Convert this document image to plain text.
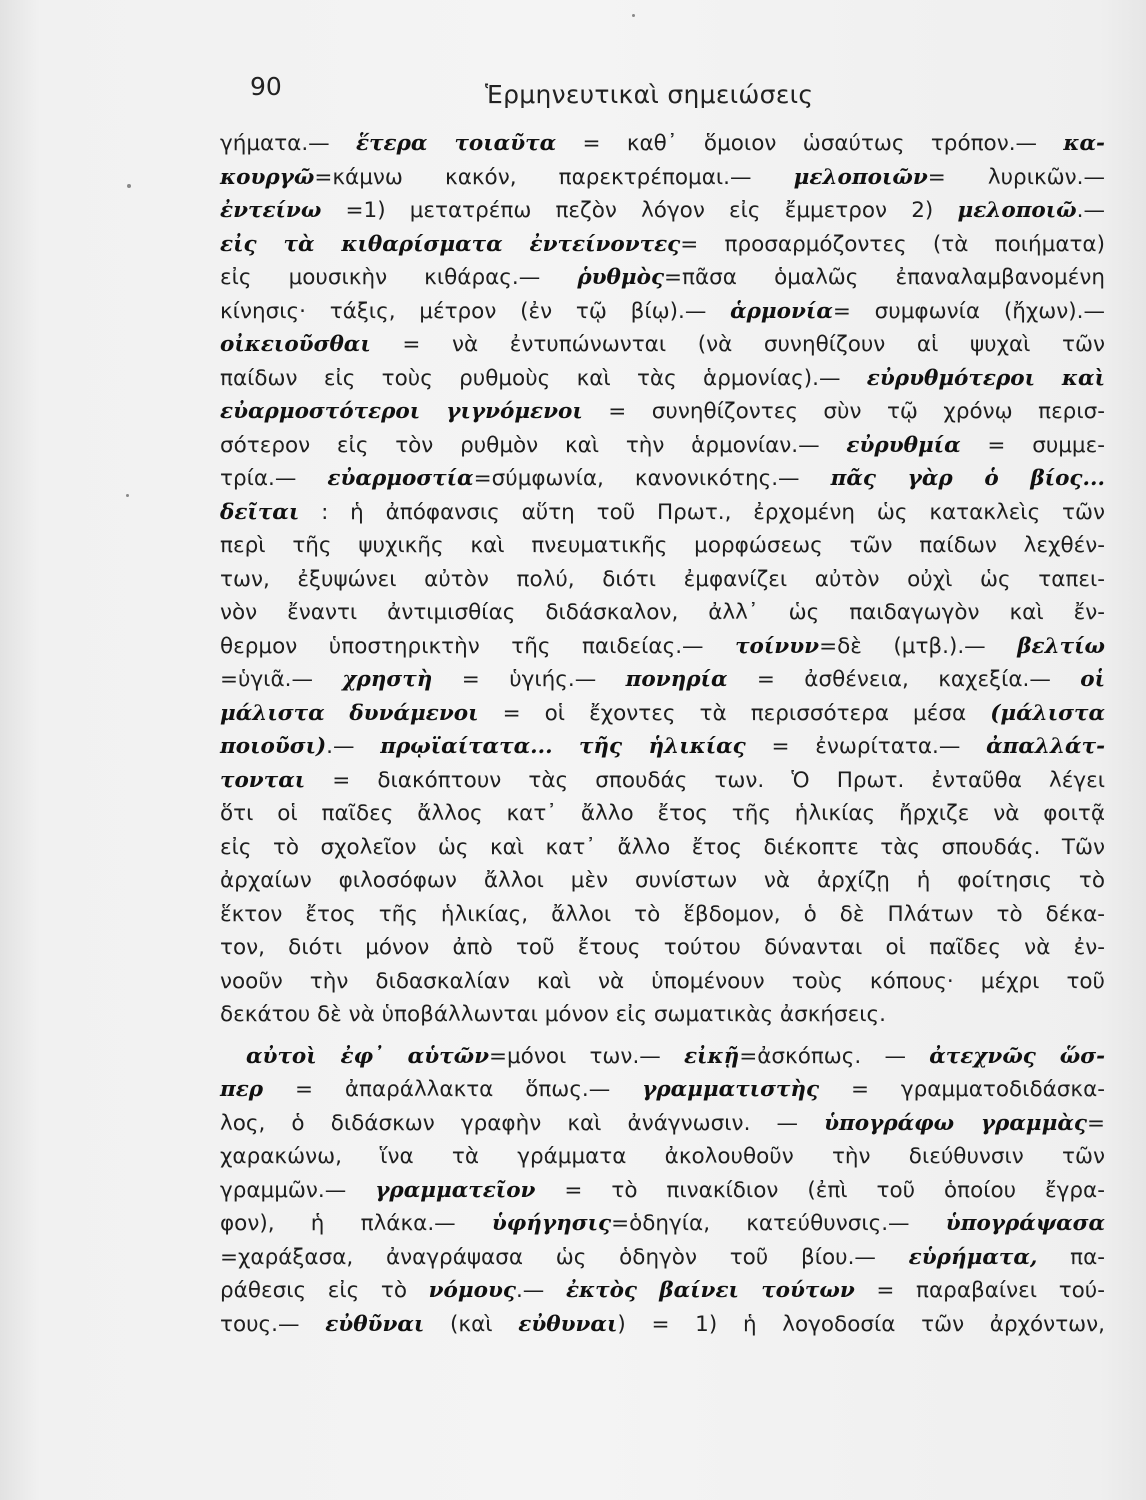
90	Ἑρμηνευτικαὶ σημειώσεις
γήματα.— ἕτερα τοιαῦτα = καθ᾽ ὅμοιον ὡσαύτως τρόπον.— κα-
κουργῶ=κάμνω κακόν, παρεκτρέπομαι.— μελοποιῶν= λυρικῶν.—
ἐντείνω =1) μετατρέπω πεζὸν λόγον εἰς ἔμμετρον 2) μελοποιῶ.—
εἰς τὰ κιθαρίσματα ἐντείνοντες= προσαρμόζοντες (τὰ ποιήματα)
εἰς μουσικὴν κιθάρας.— ῥυθμὸς=πᾶσα ὁμαλῶς ἐπαναλαμβανομένη
κίνησις· τάξις, μέτρον (ἐν τῷ βίῳ).— ἁρμονία= συμφωνία (ἤχων).—
οἰκειοῦσθαι = νὰ ἐντυπώνωνται (νὰ συνηθίζουν αἱ ψυχαὶ τῶν
παίδων εἰς τοὺς ρυθμοὺς καὶ τὰς ἁρμονίας).— εὐρυθμότεροι καὶ
εὐαρμοστότεροι γιγνόμενοι = συνηθίζοντες σὺν τῷ χρόνῳ περισ-
σότερον εἰς τὸν ρυθμὸν καὶ τὴν ἁρμονίαν.— εὐρυθμία = συμμε-
τρία.— εὐαρμοστία=σύμφωνία, κανονικότης.— πᾶς γὰρ ὁ βίος...
δεῖται : ἡ ἀπόφανσις αὕτη τοῦ Πρωτ., ἐρχομένη ὡς κατακλεὶς τῶν
περὶ τῆς ψυχικῆς καὶ πνευματικῆς μορφώσεως τῶν παίδων λεχθέν-
των, ἐξυψώνει αὐτὸν πολύ, διότι ἐμφανίζει αὐτὸν οὐχὶ ὡς ταπει-
νὸν ἔναντι ἀντιμισθίας διδάσκαλον, ἀλλ᾽ ὡς παιδαγωγὸν καὶ ἔν-
θερμον ὑποστηρικτὴν τῆς παιδείας.— τοίνυν=δὲ (μτβ.).— βελτίω
=ὑγιᾶ.— χρηστὴ = ὑγιής.— πονηρία = ἀσθένεια, καχεξία.— οἱ
μάλιστα δυνάμενοι = οἱ ἔχοντες τὰ περισσότερα μέσα (μάλιστα
ποιοῦσι).— πρῳϊαίτατα... τῆς ἡλικίας = ἐνωρίτατα.— ἀπαλλάτ-
τονται = διακόπτουν τὰς σπουδάς των. Ὁ Πρωτ. ἐνταῦθα λέγει
ὅτι οἱ παῖδες ἄλλος κατ᾽ ἄλλο ἔτος τῆς ἡλικίας ἤρχιζε νὰ φοιτᾷ
εἰς τὸ σχολεῖον ὡς καὶ κατ᾽ ἄλλο ἔτος διέκοπτε τὰς σπουδάς. Τῶν
ἀρχαίων φιλοσόφων ἄλλοι μὲν συνίστων νὰ ἀρχίζῃ ἡ φοίτησις τὸ
ἕκτον ἔτος τῆς ἡλικίας, ἄλλοι τὸ ἕβδομον, ὁ δὲ Πλάτων τὸ δέκα-
τον, διότι μόνον ἀπὸ τοῦ ἔτους τούτου δύνανται οἱ παῖδες νὰ ἐν-
νοοῦν τὴν διδασκαλίαν καὶ νὰ ὑπομένουν τοὺς κόπους· μέχρι τοῦ
δεκάτου δὲ νὰ ὑποβάλλωνται μόνον εἰς σωματικὰς ἀσκήσεις.
αὐτοὶ ἐφ᾽ αὑτῶν=μόνοι των.— εἰκῇ=ἀσκόπως. — ἀτεχνῶς ὥσ-
περ = ἀπαράλλακτα ὅπως.— γραμματιστὴς = γραμματοδιδάσκα-
λος, ὁ διδάσκων γραφὴν καὶ ἀνάγνωσιν. — ὑπογράφω γραμμὰς=
χαρακώνω, ἵνα τὰ γράμματα ἀκολουθοῦν τὴν διεύθυνσιν τῶν
γραμμῶν.— γραμματεῖον = τὸ πινακίδιον (ἐπὶ τοῦ ὁποίου ἔγρα-
φον), ἡ πλάκα.— ὑφήγησις=ὁδηγία, κατεύθυνσις.— ὑπογράψασα
=χαράξασα, ἀναγράψασα ὡς ὁδηγὸν τοῦ βίου.— εὑρήματα, πα-
ράθεσις εἰς τὸ νόμους.— ἐκτὸς βαίνει τούτων = παραβαίνει τού-
τους.— εὐθῦναι (καὶ εὐθυναι) = 1) ἡ λογοδοσία τῶν ἀρχόντων,
